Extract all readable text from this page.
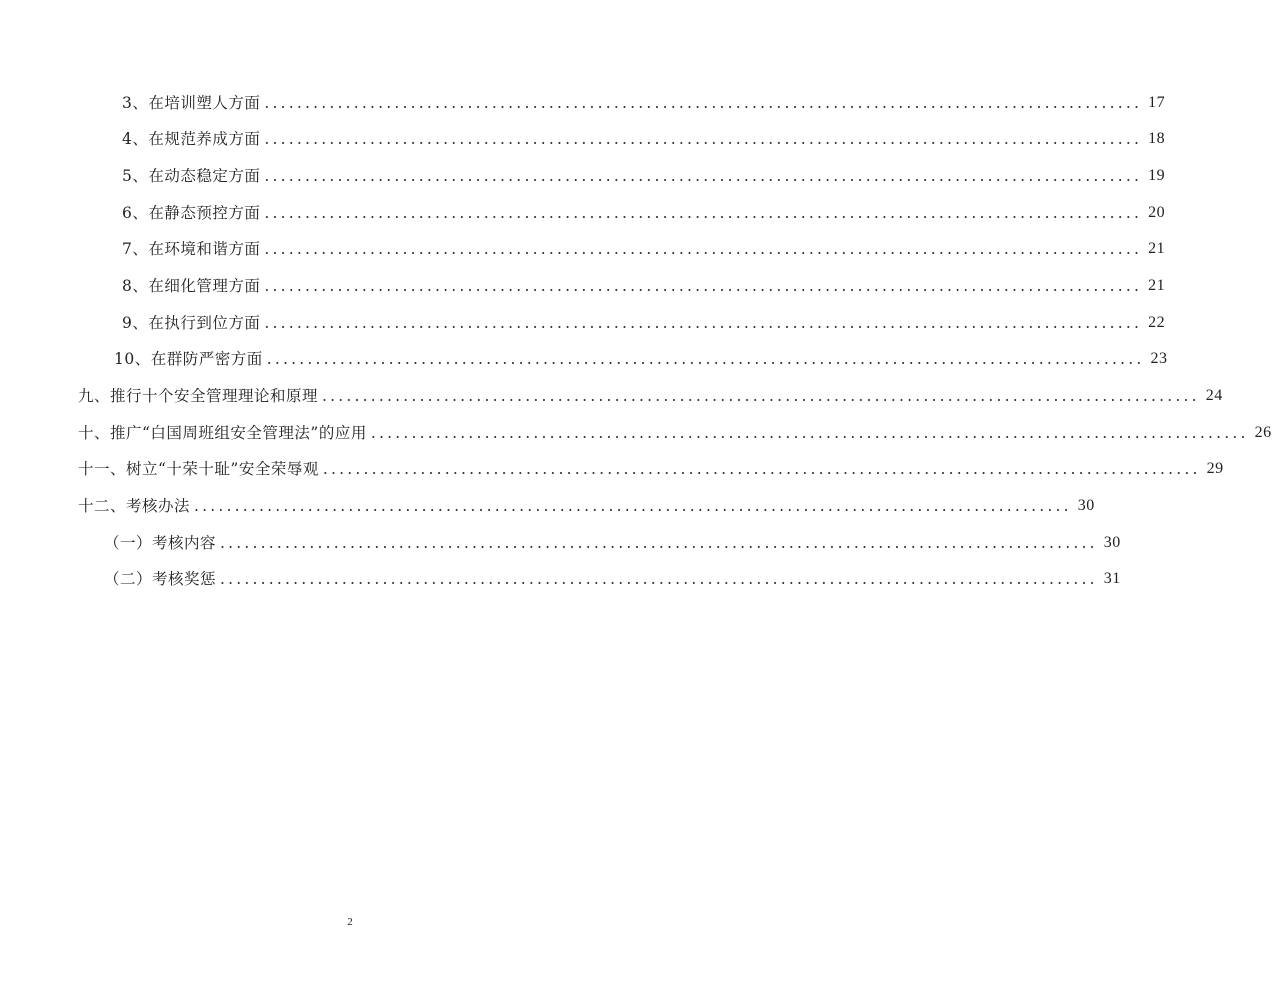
3、在培训塑人方面 ............................................................................................................ 17
4、在规范养成方面 ............................................................................................................ 18
5、在动态稳定方面 ............................................................................................................ 19
6、在静态预控方面 ............................................................................................................ 20
7、在环境和谐方面 ............................................................................................................ 21
8、在细化管理方面 ............................................................................................................ 21
9、在执行到位方面 ............................................................................................................ 22
10、在群防严密方面 ............................................................................................................ 23
九、推行十个安全管理理论和原理 ............................................................................................................ 24
十、推广“白国周班组安全管理法”的应用 ............................................................................................................ 26
十一、树立“十荣十耻”安全荣辱观 ............................................................................................................ 29
十二、考核办法 ............................................................................................................ 30
（一）考核内容 ............................................................................................................ 30
（二）考核奖惩 ............................................................................................................ 31
2
